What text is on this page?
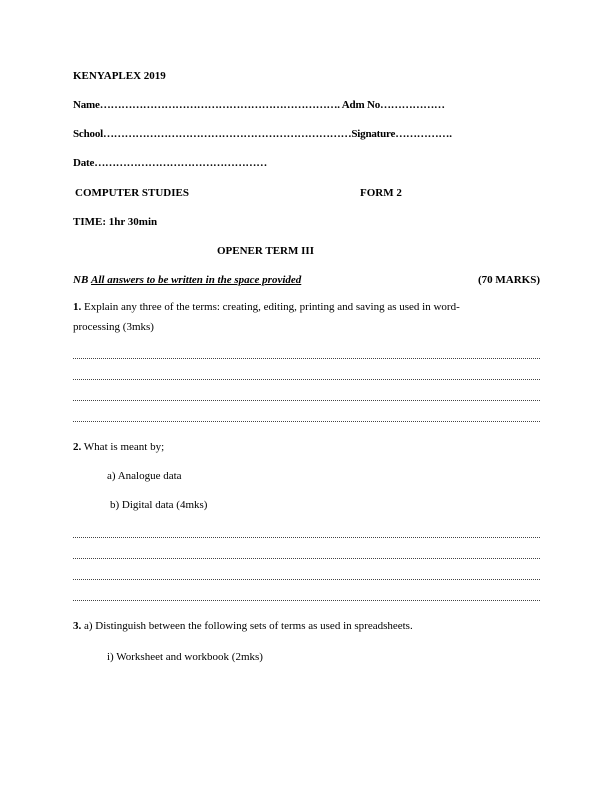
KENYAPLEX 2019
Name…………………………………………………………. Adm No………………
School……………………………………………………………Signature…………….
Date…………………………………………
COMPUTER STUDIES	FORM 2
TIME: 1hr 30min
OPENER TERM III
NB All answers to be written in the space provided	(70 MARKS)
1. Explain any three of the terms: creating, editing, printing and saving as used in word-
processing (3mks)
2. What is meant by;
a) Analogue data
b) Digital data (4mks)
3. a) Distinguish between the following sets of terms as used in spreadsheets.
i) Worksheet and workbook (2mks)
